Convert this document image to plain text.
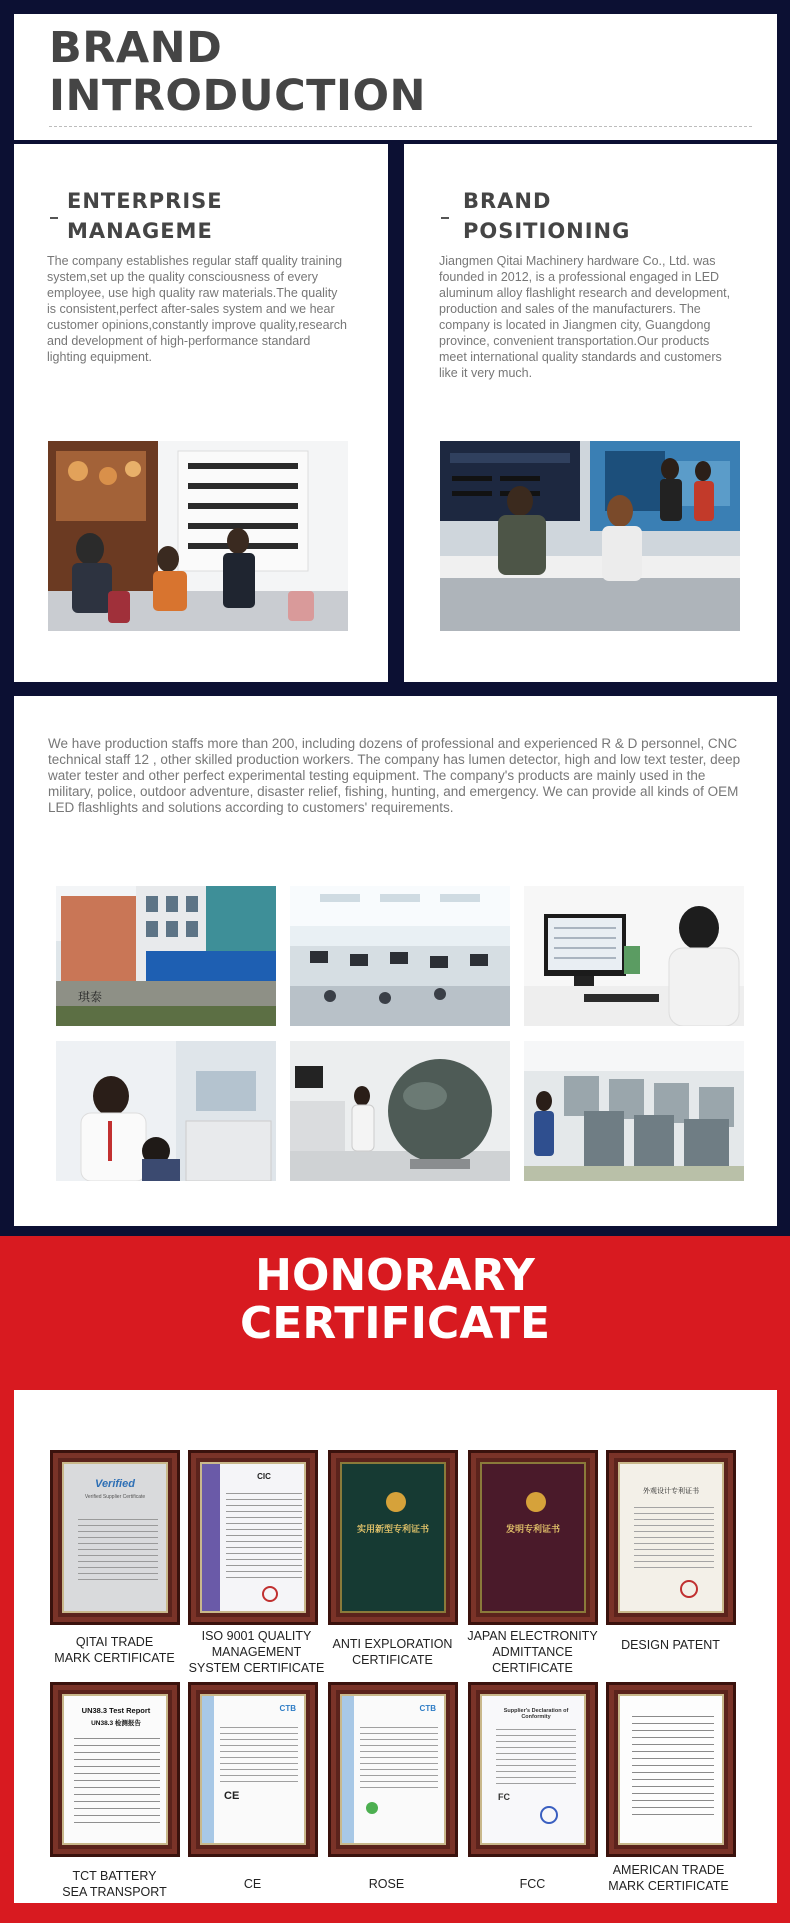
BRAND
INTRODUCTION
ENTERPRISE
MANAGEME
The company establishes regular staff quality training system,set up the quality consciousness of every employee, use high quality raw materials.The quality is consistent,perfect after-sales system and we hear customer opinions,constantly improve quality,research and development of high-performance standard lighting equipment.
BRAND
POSITIONING
Jiangmen Qitai Machinery hardware Co., Ltd. was founded in 2012, is a professional engaged in LED aluminum alloy flashlight research and development, production and sales of the manufacturers. The company is located in Jiangmen city, Guangdong province, convenient transportation.Our products meet international quality standards and customers like it very much.
We have production staffs more than 200, including dozens of professional and experienced R & D personnel, CNC technical staff 12 , other skilled production workers. The company has lumen detector, high and low text tester, deep water tester and other perfect experimental testing equipment. The company's products are mainly used in the military, police, outdoor adventure, disaster relief, fishing, hunting, and emergency. We can provide all kinds of OEM LED flashlights and solutions according to customers' requirements.
琪泰
HONORARY
CERTIFICATE
Verified
Verified Supplier Certificate
CIC
实用新型专利证书	发明专利证书
外观设计专利证书
QITAI TRADE
MARK CERTIFICATE
ISO 9001 QUALITY
MANAGEMENT
SYSTEM CERTIFICATE
ANTI EXPLORATION
CERTIFICATE
JAPAN ELECTRONITY
ADMITTANCE
CERTIFICATE
DESIGN PATENT
UN38.3 Test Report
UN38.3 检测报告
CTB
CE
CTB	Supplier's Declaration of Conformity
FC
TCT BATTERY
SEA TRANSPORT
CE	ROSE	FCC
AMERICAN TRADE
MARK CERTIFICATE
